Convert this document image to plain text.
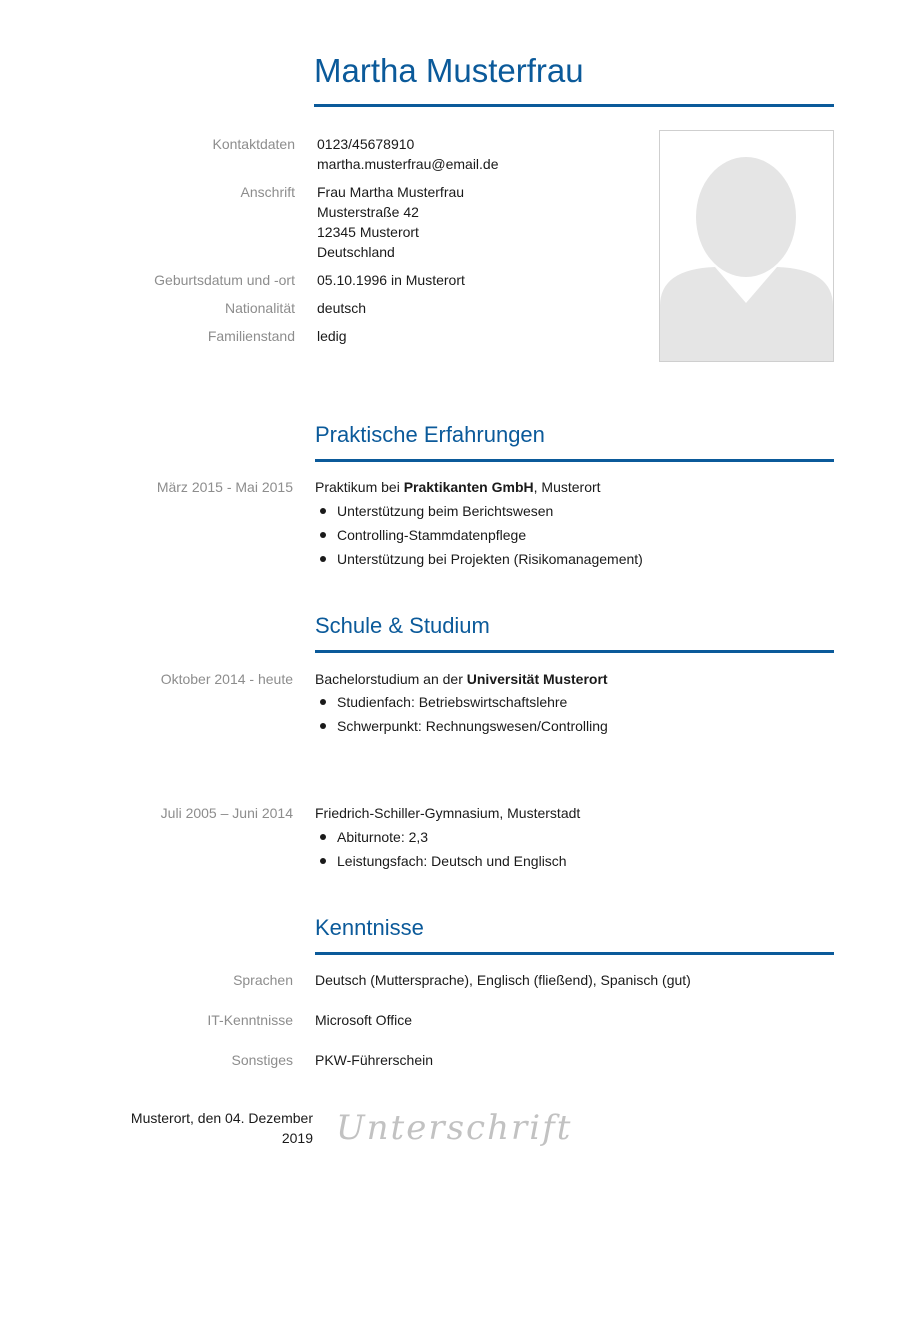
Martha Musterfrau
Kontaktdaten 0123/45678910
martha.musterfrau@email.de
Anschrift Frau Martha Musterfrau
Musterstraße 42
12345 Musterort
Deutschland
Geburtsdatum und -ort 05.10.1996 in Musterort
Nationalität deutsch
Familienstand ledig
Praktische Erfahrungen
März 2015 - Mai 2015 Praktikum bei Praktikanten GmbH, Musterort
Unterstützung beim Berichtswesen
Controlling-Stammdatenpflege
Unterstützung bei Projekten (Risikomanagement)
Schule & Studium
Oktober 2014 - heute Bachelorstudium an der Universität Musterort
Studienfach: Betriebswirtschaftslehre
Schwerpunkt: Rechnungswesen/Controlling
Juli 2005 – Juni 2014 Friedrich-Schiller-Gymnasium, Musterstadt
Abiturnote: 2,3
Leistungsfach: Deutsch und Englisch
Kenntnisse
Sprachen Deutsch (Muttersprache), Englisch (fließend), Spanisch (gut)
IT-Kenntnisse Microsoft Office
Sonstiges PKW-Führerschein
Musterort, den 04. Dezember
2019 Unterschrift
